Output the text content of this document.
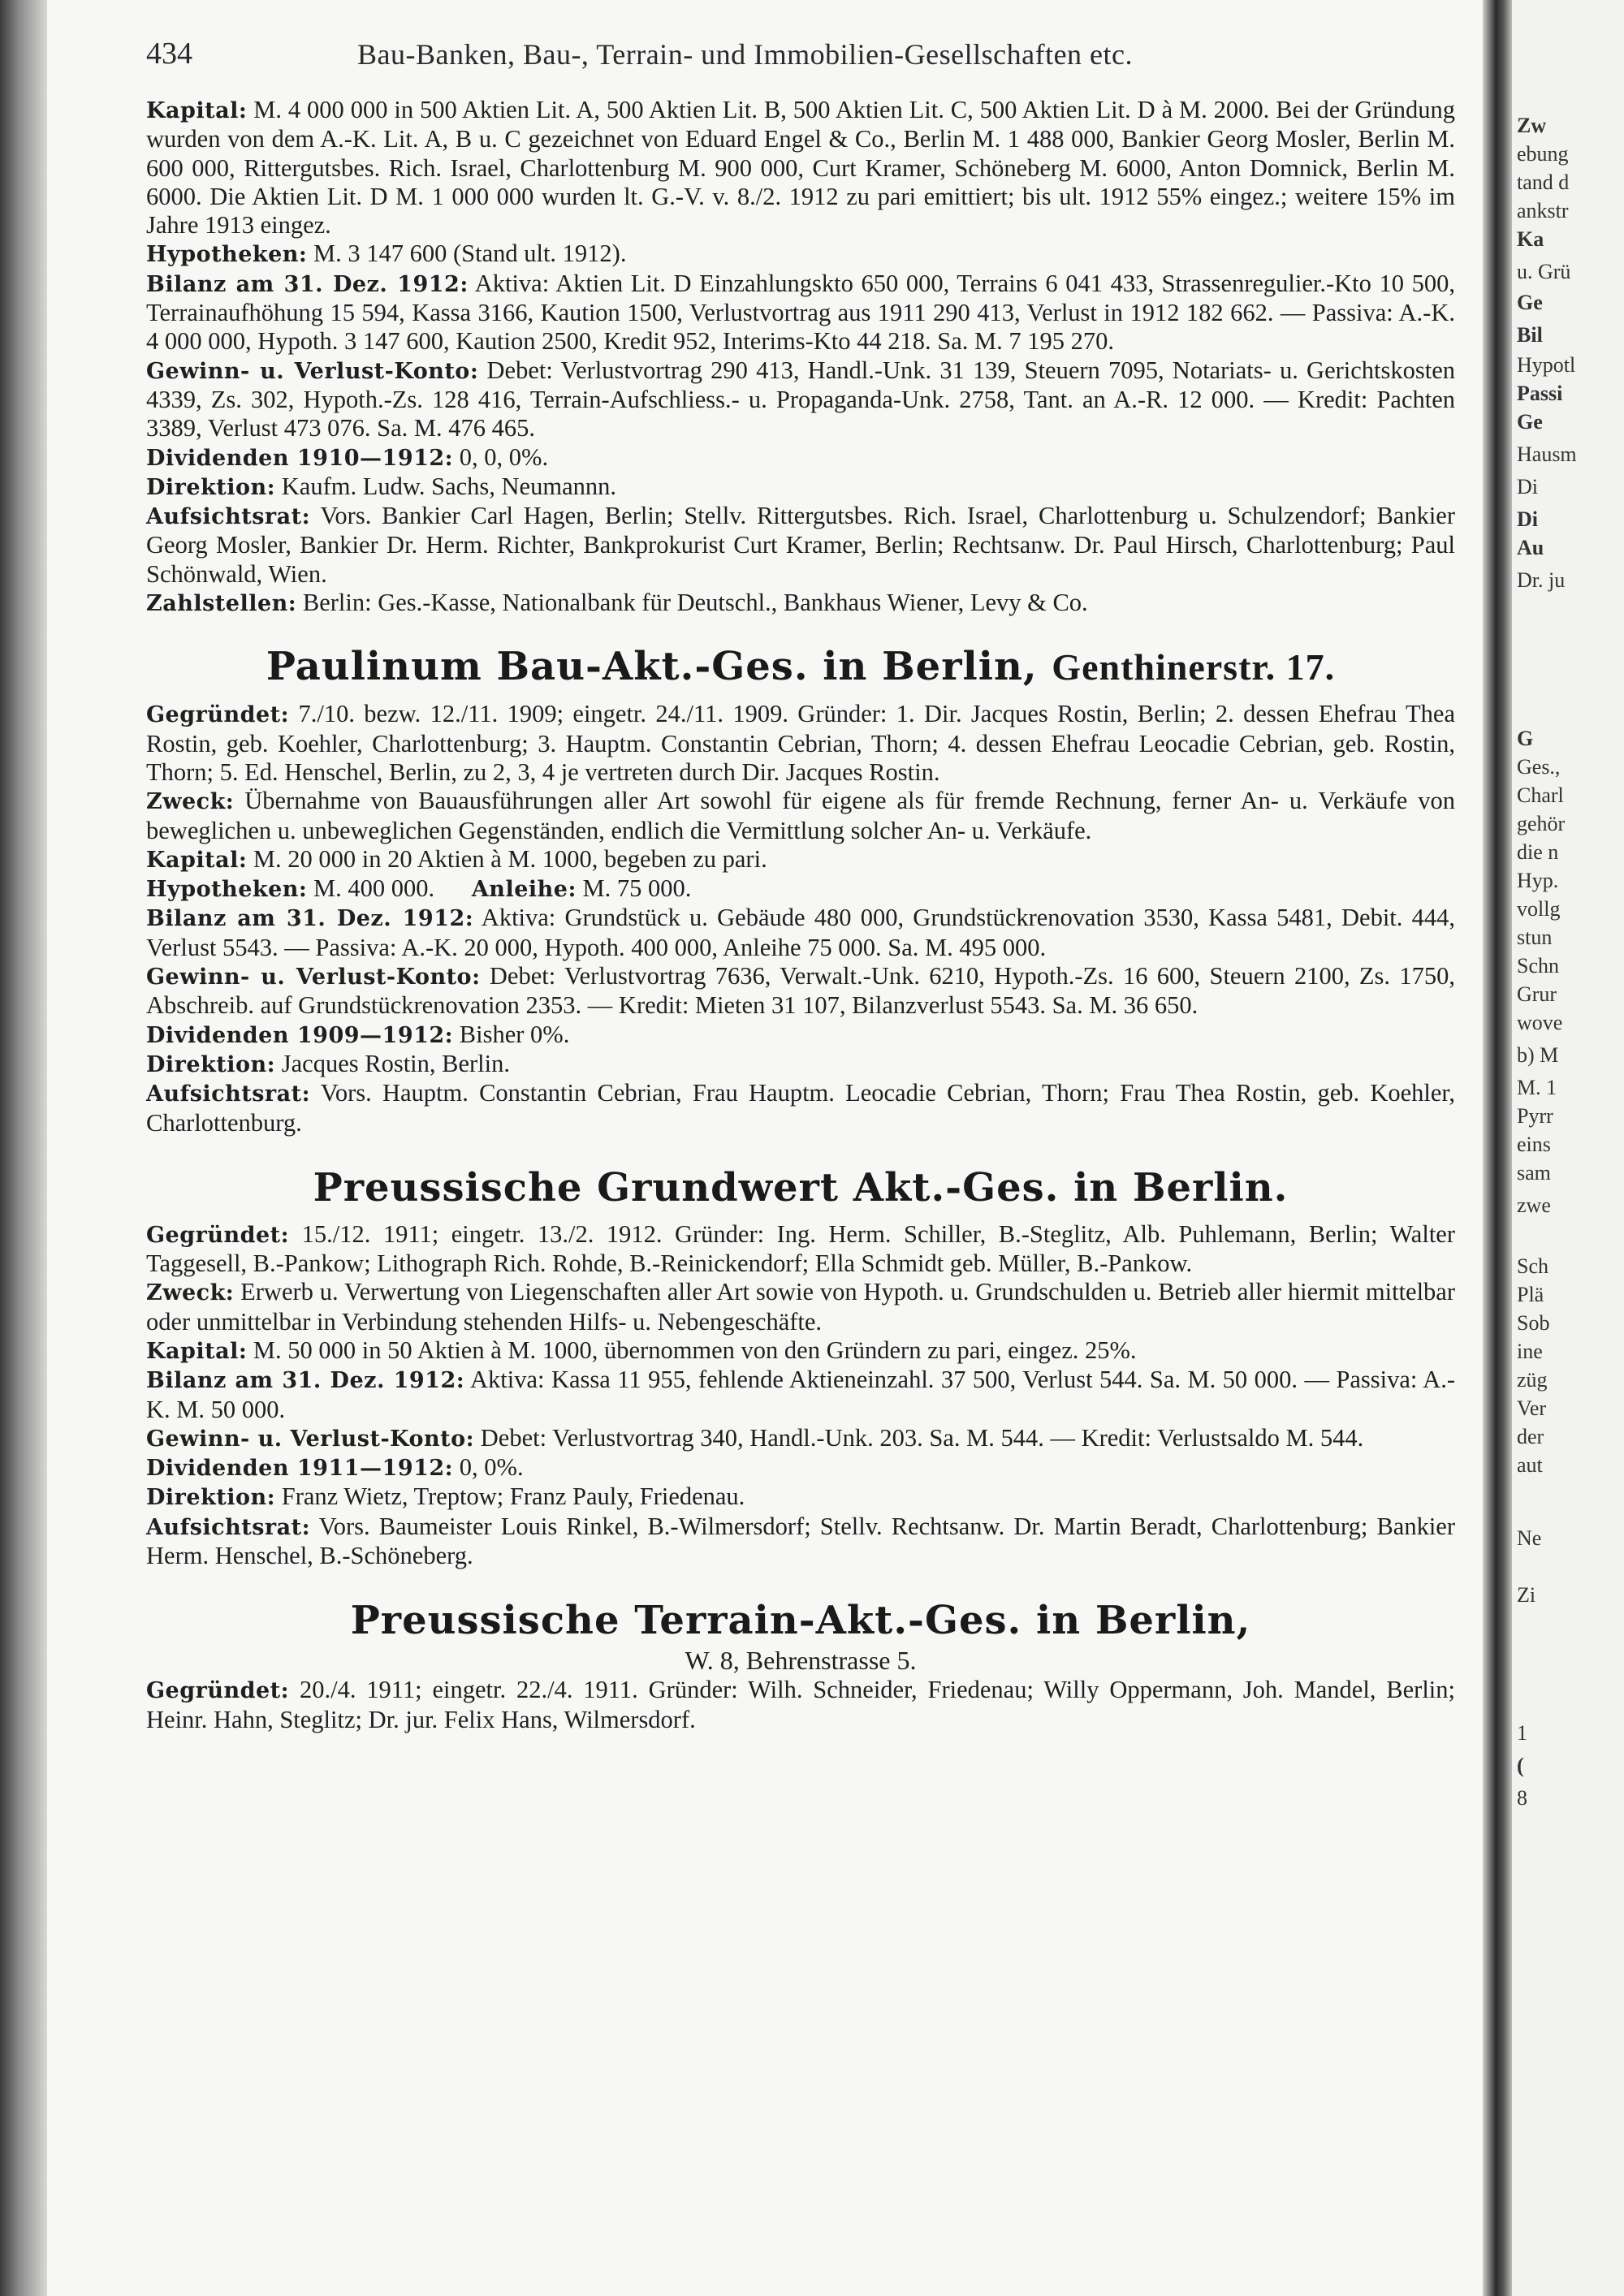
Zw
ebung
tand d
ankstr
Ka
u. Grü
Ge
Bil
Hypotl
Passi
Ge
Hausm
Di
Di
Au
Dr. ju
G
Ges.,
Charl
gehör
die n
Hyp.
vollg
stun
Schn
Grur
wove
b) M
M. 1
Pyrr
eins
sam
zwe
Sch
Plä
Sob
ine
züg
Ver
der
aut
Ne
Zi
1
(
8
434	Bau-Banken, Bau-, Terrain- und Immobilien-Gesellschaften etc.

Kapital: M. 4 000 000 in 500 Aktien Lit. A, 500 Aktien Lit. B, 500 Aktien Lit. C, 500 Aktien Lit. D à M. 2000. Bei der Gründung wurden von dem A.-K. Lit. A, B u. C gezeichnet von Eduard Engel & Co., Berlin M. 1 488 000, Bankier Georg Mosler, Berlin M. 600 000, Rittergutsbes. Rich. Israel, Charlottenburg M. 900 000, Curt Kramer, Schöneberg M. 6000, Anton Domnick, Berlin M. 6000. Die Aktien Lit. D M. 1 000 000 wurden lt. G.-V. v. 8./2. 1912 zu pari emittiert; bis ult. 1912 55% eingez.; weitere 15% im Jahre 1913 eingez.

Hypotheken: M. 3 147 600 (Stand ult. 1912).

Bilanz am 31. Dez. 1912: Aktiva: Aktien Lit. D Einzahlungskto 650 000, Terrains 6 041 433, Strassenregulier.-Kto 10 500, Terrainaufhöhung 15 594, Kassa 3166, Kaution 1500, Verlustvortrag aus 1911 290 413, Verlust in 1912 182 662. — Passiva: A.-K. 4 000 000, Hypoth. 3 147 600, Kaution 2500, Kredit 952, Interims-Kto 44 218. Sa. M. 7 195 270.

Gewinn- u. Verlust-Konto: Debet: Verlustvortrag 290 413, Handl.-Unk. 31 139, Steuern 7095, Notariats- u. Gerichtskosten 4339, Zs. 302, Hypoth.-Zs. 128 416, Terrain-Aufschliess.- u. Propaganda-Unk. 2758, Tant. an A.-R. 12 000. — Kredit: Pachten 3389, Verlust 473 076. Sa. M. 476 465.

Dividenden 1910—1912: 0, 0, 0%.

Direktion: Kaufm. Ludw. Sachs, Neumannn.

Aufsichtsrat: Vors. Bankier Carl Hagen, Berlin; Stellv. Rittergutsbes. Rich. Israel, Charlottenburg u. Schulzendorf; Bankier Georg Mosler, Bankier Dr. Herm. Richter, Bankprokurist Curt Kramer, Berlin; Rechtsanw. Dr. Paul Hirsch, Charlottenburg; Paul Schönwald, Wien.

Zahlstellen: Berlin: Ges.-Kasse, Nationalbank für Deutschl., Bankhaus Wiener, Levy & Co.

Paulinum Bau-Akt.-Ges. in Berlin, Genthinerstr. 17.

Gegründet: 7./10. bezw. 12./11. 1909; eingetr. 24./11. 1909. Gründer: 1. Dir. Jacques Rostin, Berlin; 2. dessen Ehefrau Thea Rostin, geb. Koehler, Charlottenburg; 3. Hauptm. Constantin Cebrian, Thorn; 4. dessen Ehefrau Leocadie Cebrian, geb. Rostin, Thorn; 5. Ed. Henschel, Berlin, zu 2, 3, 4 je vertreten durch Dir. Jacques Rostin.

Zweck: Übernahme von Bauausführungen aller Art sowohl für eigene als für fremde Rechnung, ferner An- u. Verkäufe von beweglichen u. unbeweglichen Gegenständen, endlich die Vermittlung solcher An- u. Verkäufe.

Kapital: M. 20 000 in 20 Aktien à M. 1000, begeben zu pari.

Hypotheken: M. 400 000. Anleihe: M. 75 000.

Bilanz am 31. Dez. 1912: Aktiva: Grundstück u. Gebäude 480 000, Grundstückrenovation 3530, Kassa 5481, Debit. 444, Verlust 5543. — Passiva: A.-K. 20 000, Hypoth. 400 000, Anleihe 75 000. Sa. M. 495 000.

Gewinn- u. Verlust-Konto: Debet: Verlustvortrag 7636, Verwalt.-Unk. 6210, Hypoth.-Zs. 16 600, Steuern 2100, Zs. 1750, Abschreib. auf Grundstückrenovation 2353. — Kredit: Mieten 31 107, Bilanzverlust 5543. Sa. M. 36 650.

Dividenden 1909—1912: Bisher 0%.

Direktion: Jacques Rostin, Berlin.

Aufsichtsrat: Vors. Hauptm. Constantin Cebrian, Frau Hauptm. Leocadie Cebrian, Thorn; Frau Thea Rostin, geb. Koehler, Charlottenburg.

Preussische Grundwert Akt.-Ges. in Berlin.

Gegründet: 15./12. 1911; eingetr. 13./2. 1912. Gründer: Ing. Herm. Schiller, B.-Steglitz, Alb. Puhlemann, Berlin; Walter Taggesell, B.-Pankow; Lithograph Rich. Rohde, B.-Reinickendorf; Ella Schmidt geb. Müller, B.-Pankow.

Zweck: Erwerb u. Verwertung von Liegenschaften aller Art sowie von Hypoth. u. Grundschulden u. Betrieb aller hiermit mittelbar oder unmittelbar in Verbindung stehenden Hilfs- u. Nebengeschäfte.

Kapital: M. 50 000 in 50 Aktien à M. 1000, übernommen von den Gründern zu pari, eingez. 25%.

Bilanz am 31. Dez. 1912: Aktiva: Kassa 11 955, fehlende Aktieneinzahl. 37 500, Verlust 544. Sa. M. 50 000. — Passiva: A.-K. M. 50 000.

Gewinn- u. Verlust-Konto: Debet: Verlustvortrag 340, Handl.-Unk. 203. Sa. M. 544. — Kredit: Verlustsaldo M. 544.

Dividenden 1911—1912: 0, 0%.

Direktion: Franz Wietz, Treptow; Franz Pauly, Friedenau.

Aufsichtsrat: Vors. Baumeister Louis Rinkel, B.-Wilmersdorf; Stellv. Rechtsanw. Dr. Martin Beradt, Charlottenburg; Bankier Herm. Henschel, B.-Schöneberg.

Preussische Terrain-Akt.-Ges. in Berlin,

W. 8, Behrenstrasse 5.

Gegründet: 20./4. 1911; eingetr. 22./4. 1911. Gründer: Wilh. Schneider, Friedenau; Willy Oppermann, Joh. Mandel, Berlin; Heinr. Hahn, Steglitz; Dr. jur. Felix Hans, Wilmersdorf.
